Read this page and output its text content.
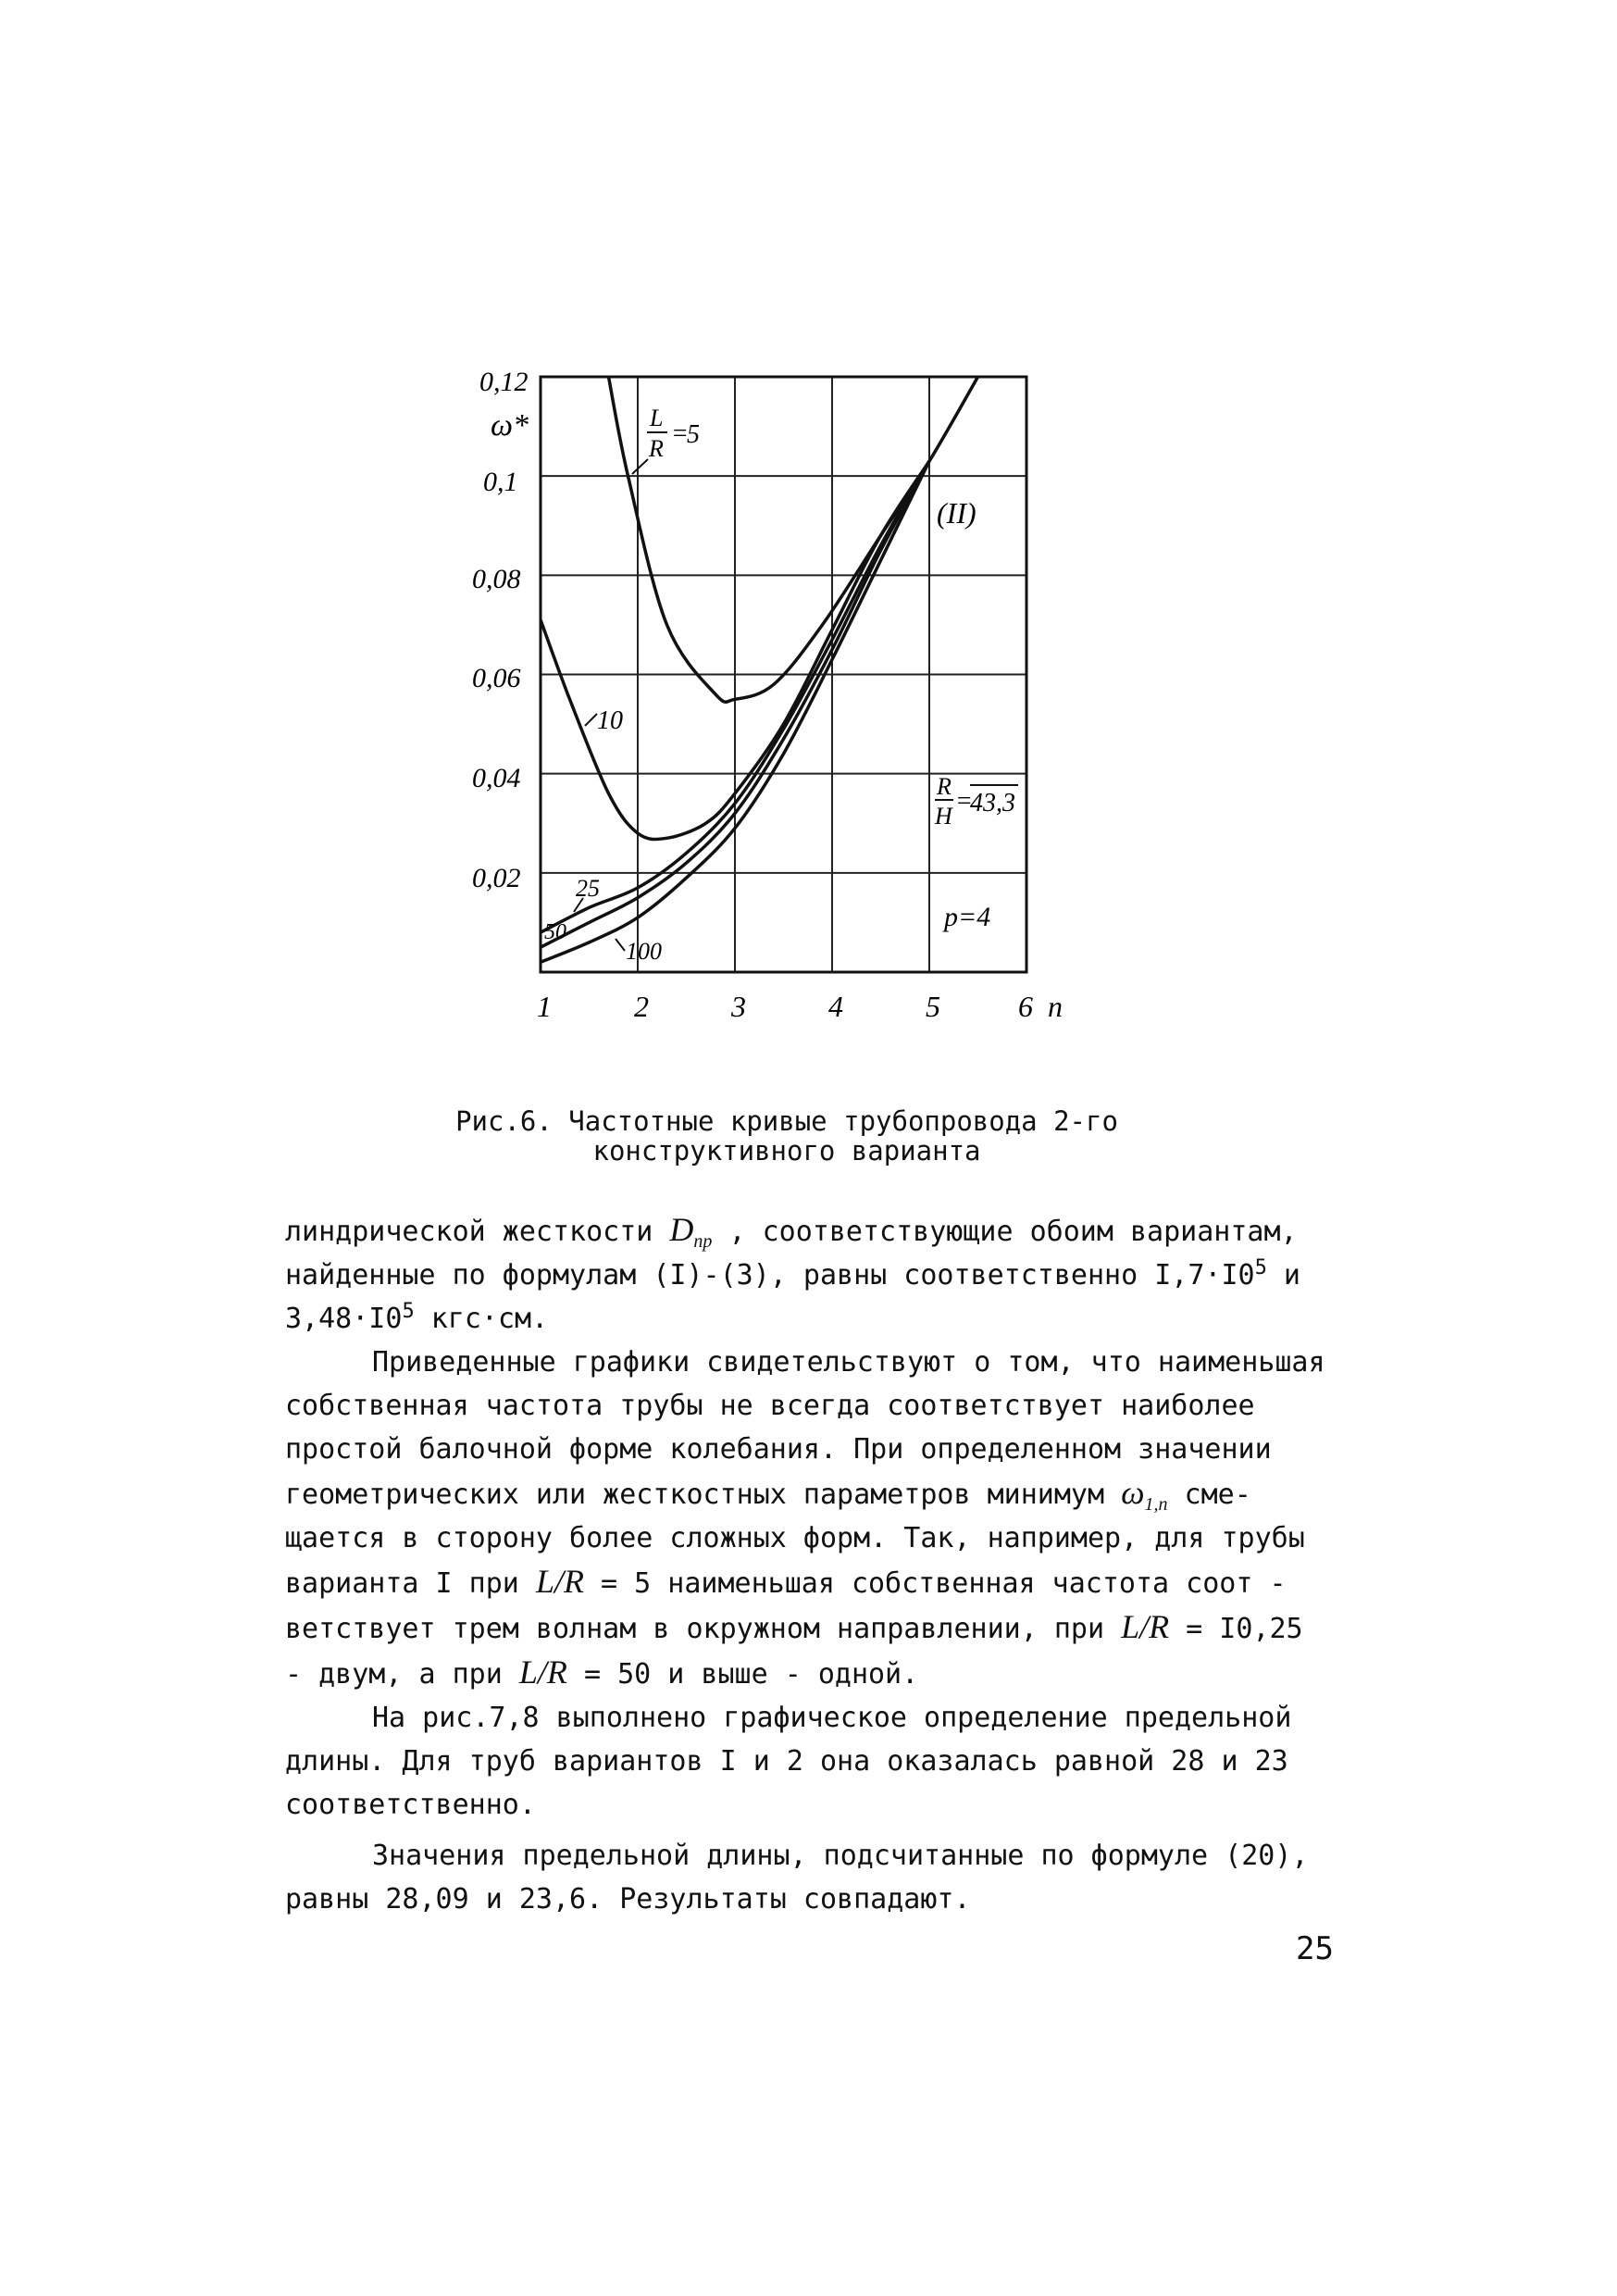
0,12
ω*
0,1
0,08
0,06
0,04
0,02
1	2	3	4	5	6 n
L
R
=
5
(II)
10
R
H
=
43,3
p=4
25
50
100
Рис.6. Частотные кривые трубопровода 2-го
конструктивного варианта

линдрической жесткости $D_{пр}$ , соответствующие обоим вариантам,

найденные по формулам (I)-(3), равны соответственно $I,7\cdot I0^5$ и

$3,48\cdot I0^5$ кгс·см.

Приведенные графики свидетельствуют о том, что наименьшая

собственная частота трубы не всегда соответствует наиболее

простой балочной форме колебания. При определенном значении

геометрических или жесткостных параметров минимум $\omega_{1,n}$ сме-

щается в сторону более сложных форм. Так, например, для трубы

варианта I при L/R = 5 наименьшая собственная частота соот -

ветствует трем волнам в окружном направлении, при L/R = I0,25

- двум, а при L/R = 50 и выше - одной.

На рис.7,8 выполнено графическое определение предельной

длины. Для труб вариантов I и 2 она оказалась равной 28 и 23

соответственно.

Значения предельной длины, подсчитанные по формуле (20),

равны 28,09 и 23,6. Результаты совпадают.

25
